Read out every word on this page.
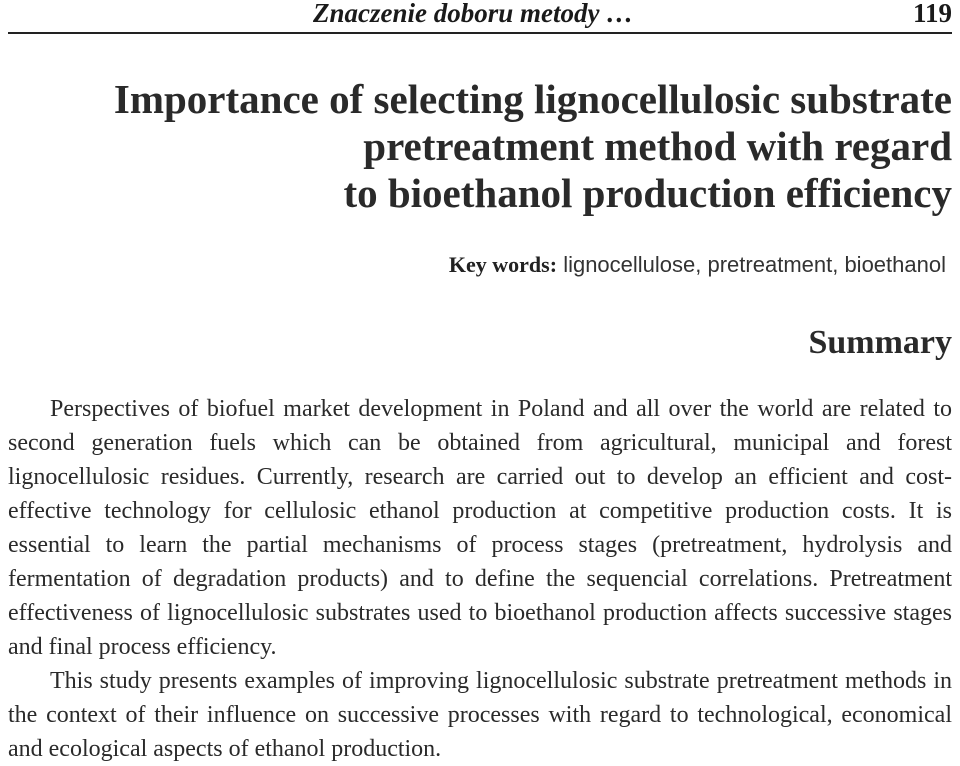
Znaczenie doboru metody …	119
Importance of selecting lignocellulosic substrate
pretreatment method with regard
to bioethanol production efficiency
Key words: lignocellulose, pretreatment, bioethanol
Summary

Perspectives of biofuel market development in Poland and all over the world are related to second generation fuels which can be obtained from agricultural, municipal and forest lignocellulosic residues. Currently, research are carried out to develop an efficient and cost-effective technology for cellulosic ethanol production at competitive production costs. It is essential to learn the partial mechanisms of process stages (pretreatment, hydrolysis and fermentation of degradation products) and to define the sequencial correlations. Pretreatment effectiveness of lignocellulosic substrates used to bioethanol production affects successive stages and final process efficiency.

This study presents examples of improving lignocellulosic substrate pretreatment methods in the context of their influence on successive processes with regard to technological, economical and ecological aspects of ethanol production.
